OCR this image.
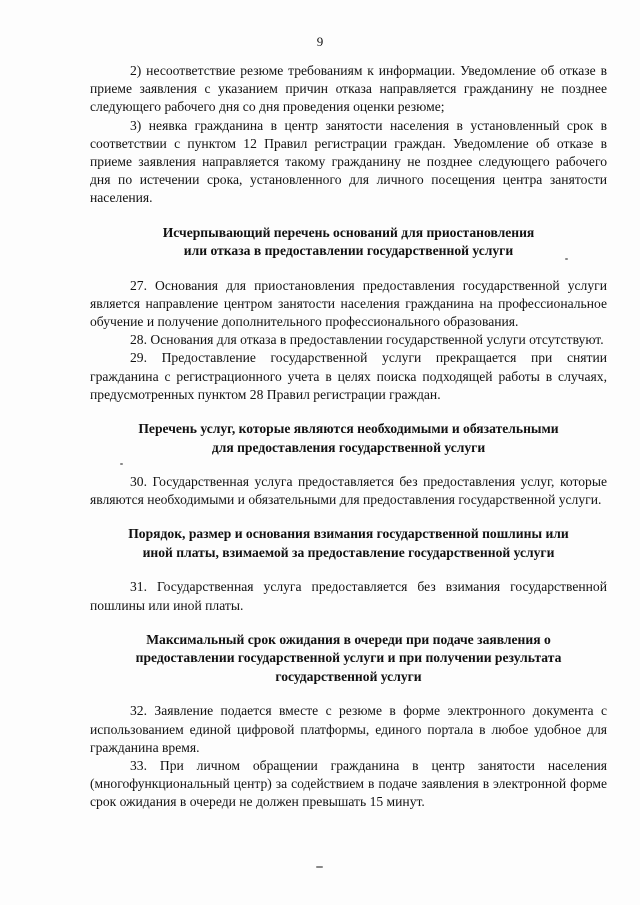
9

2) несоответствие резюме требованиям к информации. Уведомление об отказе в приеме заявления с указанием причин отказа направляется гражданину не позднее следующего рабочего дня со дня проведения оценки резюме;

3) неявка гражданина в центр занятости населения в установленный срок в соответствии с пунктом 12 Правил регистрации граждан. Уведомление об отказе в приеме заявления направляется такому гражданину не позднее следующего рабочего дня по истечении срока, установленного для личного посещения центра занятости населения.

Исчерпывающий перечень оснований для приостановления
или отказа в предоставлении государственной услуги

27. Основания для приостановления предоставления государственной услуги является направление центром занятости населения гражданина на профессиональное обучение и получение дополнительного профессионального образования.

28. Основания для отказа в предоставлении государственной услуги отсутствуют.

29. Предоставление государственной услуги прекращается при снятии гражданина с регистрационного учета в целях поиска подходящей работы в случаях, предусмотренных пунктом 28 Правил регистрации граждан.

Перечень услуг, которые являются необходимыми и обязательными
для предоставления государственной услуги

30. Государственная услуга предоставляется без предоставления услуг, которые являются необходимыми и обязательными для предоставления государственной услуги.

Порядок, размер и основания взимания государственной пошлины или
иной платы, взимаемой за предоставление государственной услуги

31. Государственная услуга предоставляется без взимания государственной пошлины или иной платы.

Максимальный срок ожидания в очереди при подаче заявления о
предоставлении государственной услуги и при получении результата
государственной услуги

32. Заявление подается вместе с резюме в форме электронного документа с использованием единой цифровой платформы, единого портала в любое удобное для гражданина время.

33. При личном обращении гражданина в центр занятости населения (многофункциональный центр) за содействием в подаче заявления в электронной форме срок ожидания в очереди не должен превышать 15 минут.
